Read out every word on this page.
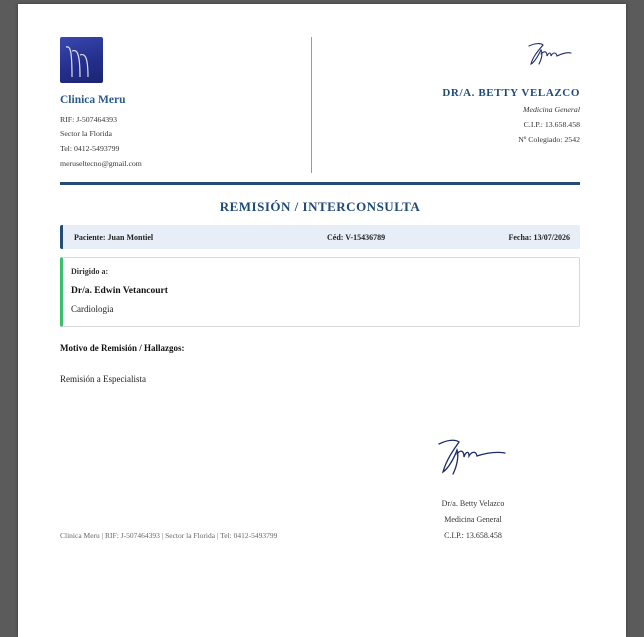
Clinica Meru
RIF: J-507464393
Sector la Florida
Tel: 0412-5493799
meruseltecno@gmail.com
DR/A. BETTY VELAZCO
Medicina General
C.I.P.: 13.658.458
Nº Colegiado: 2542
REMISIÓN / INTERCONSULTA
Paciente: Juan Montiel	Céd: V-15436789	Fecha: 13/07/2026
Dirigido a:
Dr/a. Edwin Vetancourt
Cardiologia
Motivo de Remisión / Hallazgos:
Remisión a Especialista
Clinica Meru | RIF: J-507464393 | Sector la Florida | Tel: 0412-5493799
Dr/a. Betty Velazco
Medicina General
C.I.P.: 13.658.458
